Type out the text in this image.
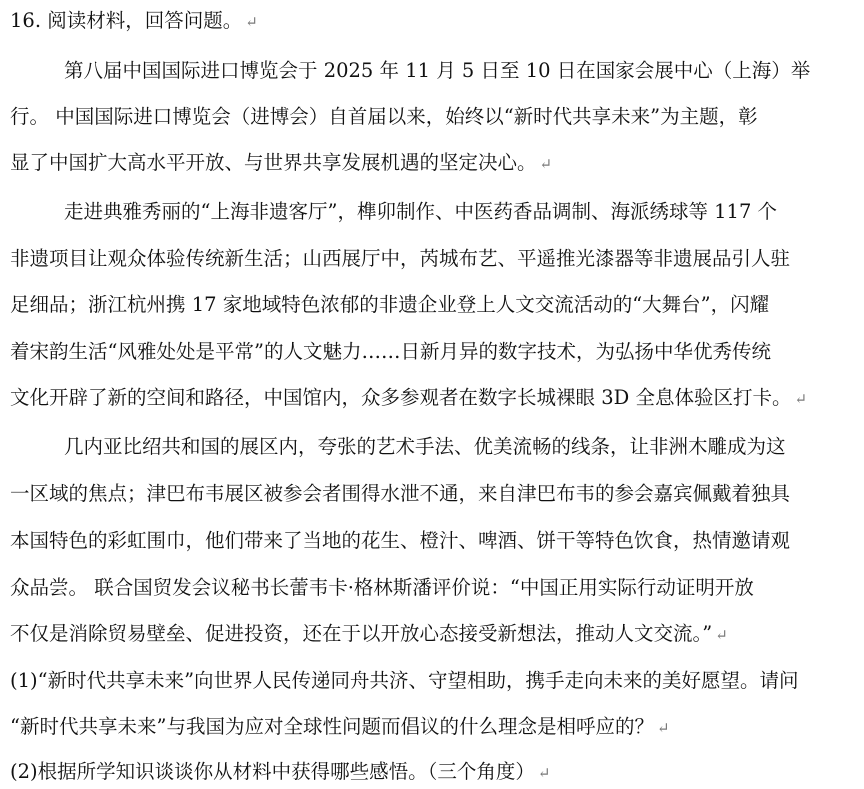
16. 阅读材料，回答问题。 ↵
第八届中国国际进口博览会于 2025 年 11 月 5 日至 10 日在国家会展中心（上海）举
行。 中国国际进口博览会（进博会）自首届以来，始终以“新时代共享未来”为主题，彰
显了中国扩大高水平开放、与世界共享发展机遇的坚定决心。 ↵
走进典雅秀丽的“上海非遗客厅”，榫卯制作、中医药香品调制、海派绣球等 117 个
非遗项目让观众体验传统新生活；山西展厅中，芮城布艺、平遥推光漆器等非遗展品引人驻
足细品；浙江杭州携 17 家地域特色浓郁的非遗企业登上人文交流活动的“大舞台”，闪耀
着宋韵生活“风雅处处是平常”的人文魅力……日新月异的数字技术，为弘扬中华优秀传统
文化开辟了新的空间和路径，中国馆内，众多参观者在数字长城裸眼 3D 全息体验区打卡。 ↵
几内亚比绍共和国的展区内，夸张的艺术手法、优美流畅的线条，让非洲木雕成为这
一区域的焦点；津巴布韦展区被参会者围得水泄不通，来自津巴布韦的参会嘉宾佩戴着独具
本国特色的彩虹围巾，他们带来了当地的花生、橙汁、啤酒、饼干等特色饮食，热情邀请观
众品尝。 联合国贸发会议秘书长蕾韦卡·格林斯潘评价说：“中国正用实际行动证明开放
不仅是消除贸易壁垒、促进投资，还在于以开放心态接受新想法，推动人文交流。” ↵
(1)“新时代共享未来”向世界人民传递同舟共济、守望相助，携手走向未来的美好愿望。请问
“新时代共享未来”与我国为应对全球性问题而倡议的什么理念是相呼应的？ ↵
(2)根据所学知识谈谈你从材料中获得哪些感悟。（三个角度） ↵
